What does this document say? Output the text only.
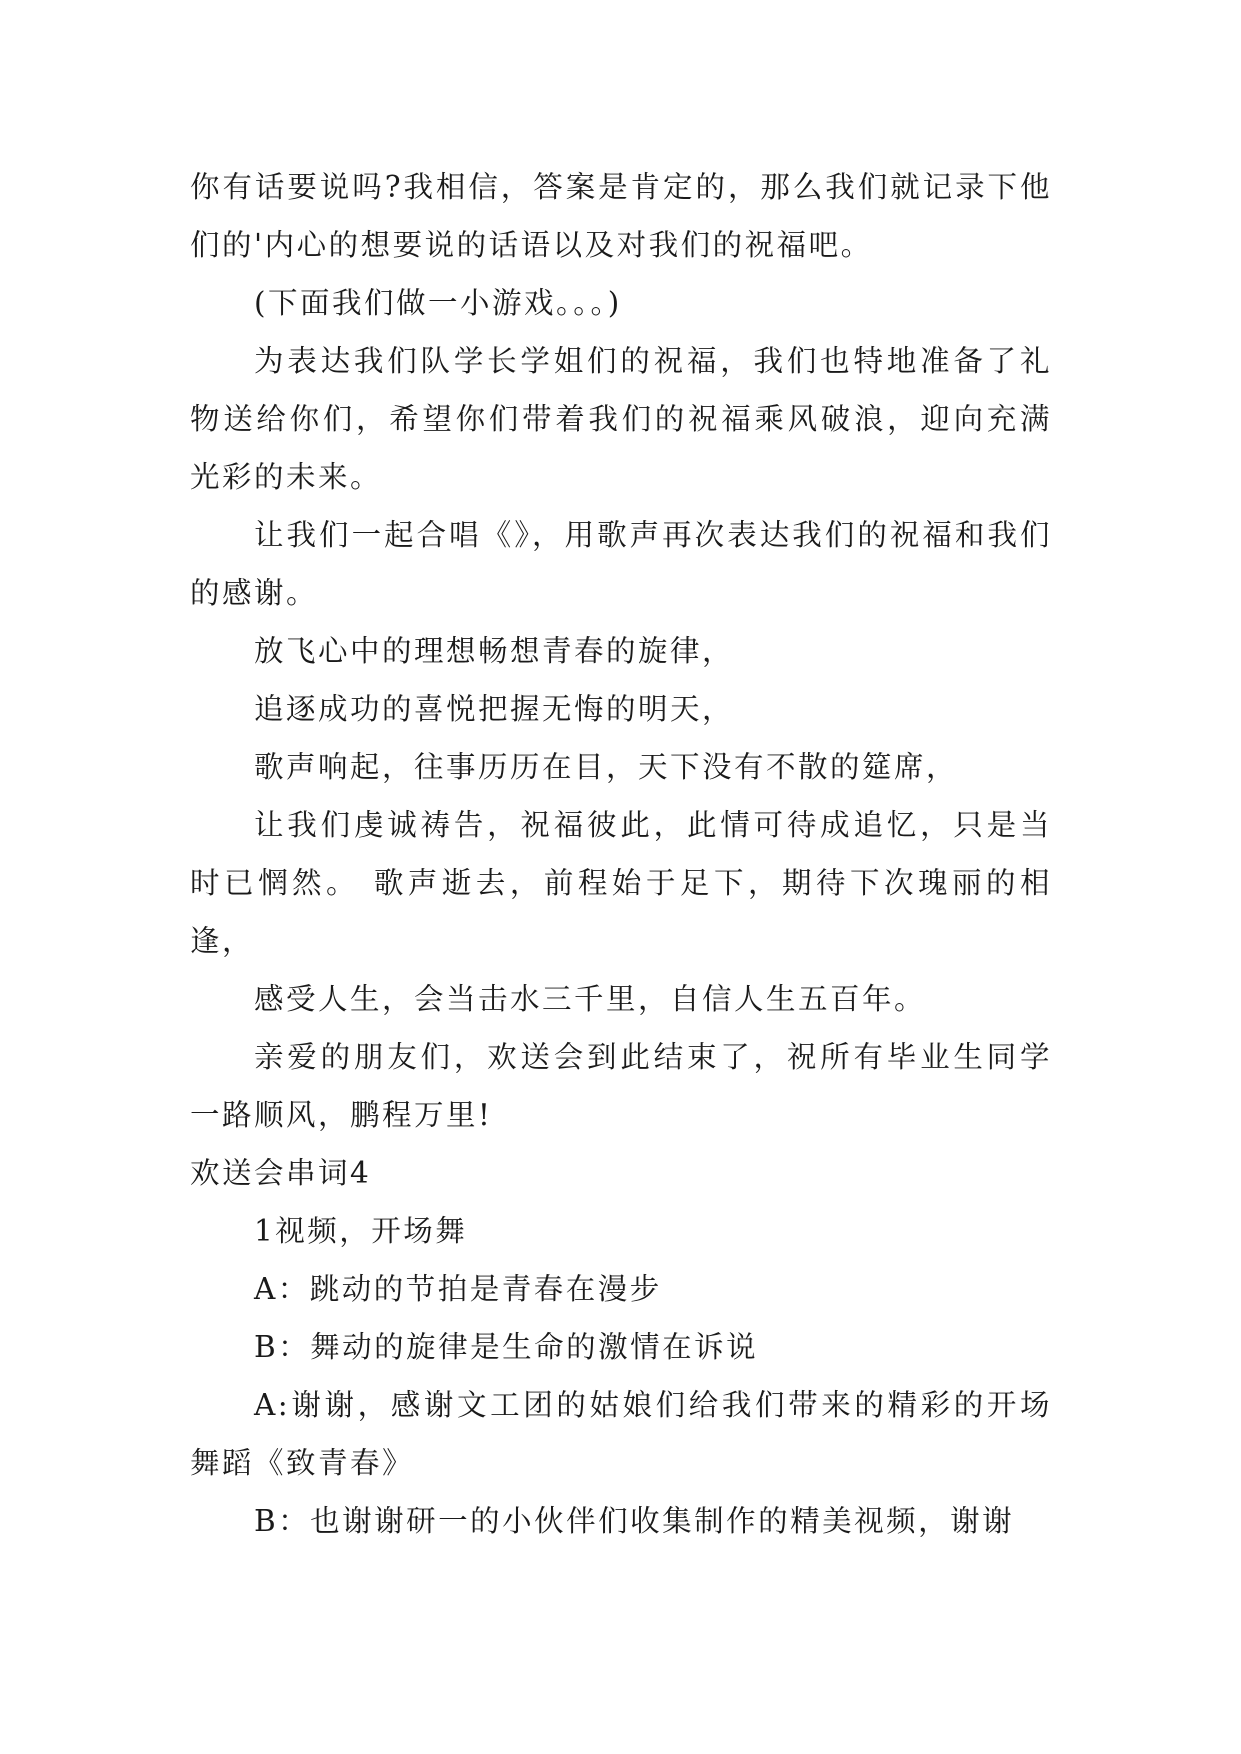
你有话要说吗?我相信，答案是肯定的，那么我们就记录下他们的'内心的想要说的话语以及对我们的祝福吧。

(下面我们做一小游戏。。。)

为表达我们队学长学姐们的祝福，我们也特地准备了礼物送给你们，希望你们带着我们的祝福乘风破浪，迎向充满光彩的未来。

让我们一起合唱《》，用歌声再次表达我们的祝福和我们的感谢。

放飞心中的理想畅想青春的旋律，

追逐成功的喜悦把握无悔的明天，

歌声响起，往事历历在目，天下没有不散的筵席，

让我们虔诚祷告，祝福彼此，此情可待成追忆，只是当时已惘然。 歌声逝去，前程始于足下，期待下次瑰丽的相逢，

感受人生，会当击水三千里，自信人生五百年。

亲爱的朋友们，欢送会到此结束了，祝所有毕业生同学一路顺风，鹏程万里!

欢送会串词4

1视频，开场舞

A：跳动的节拍是青春在漫步

B：舞动的旋律是生命的激情在诉说

A:谢谢，感谢文工团的姑娘们给我们带来的精彩的开场舞蹈《致青春》

B：也谢谢研一的小伙伴们收集制作的精美视频，谢谢
